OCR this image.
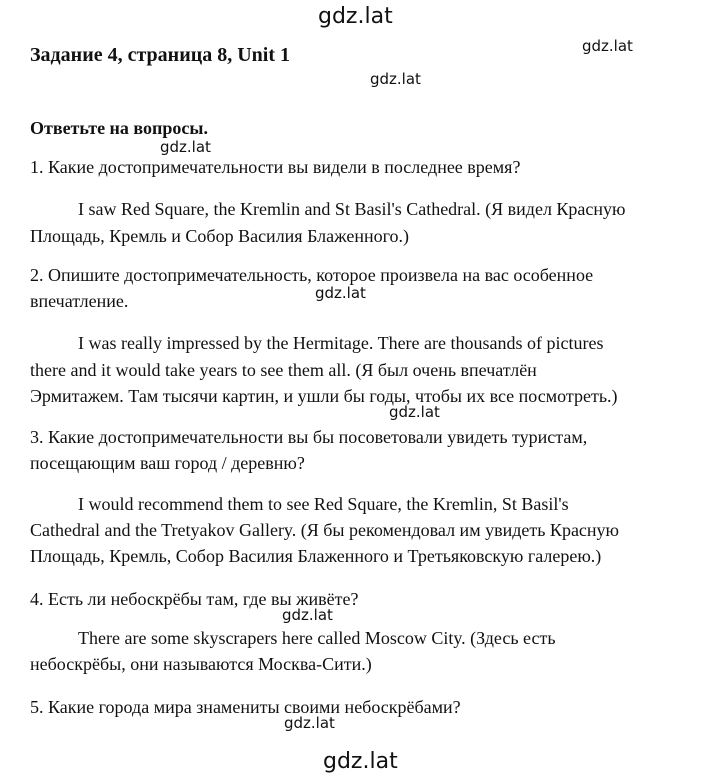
gdz.lat
gdz.lat
gdz.lat
gdz.lat
gdz.lat
gdz.lat
gdz.lat
gdz.lat
gdz.lat
Задание 4, страница 8, Unit 1
Ответьте на вопросы.
1. Какие достопримечательности вы видели в последнее время?
I saw Red Square, the Kremlin and St Basil's Cathedral. (Я видел Красную
Площадь, Кремль и Собор Василия Блаженного.)
2. Опишите достопримечательность, которое произвела на вас особенное
впечатление.
I was really impressed by the Hermitage. There are thousands of pictures
there and it would take years to see them all. (Я был очень впечатлён
Эрмитажем. Там тысячи картин, и ушли бы годы, чтобы их все посмотреть.)
3. Какие достопримечательности вы бы посоветовали увидеть туристам,
посещающим ваш город / деревню?
I would recommend them to see Red Square, the Kremlin, St Basil's
Cathedral and the Tretyakov Gallery. (Я бы рекомендовал им увидеть Красную
Площадь, Кремль, Собор Василия Блаженного и Третьяковскую галерею.)
4. Есть ли небоскрёбы там, где вы живёте?
There are some skyscrapers here called Moscow City. (Здесь есть
небоскрёбы, они называются Москва-Сити.)
5. Какие города мира знамениты своими небоскрёбами?
